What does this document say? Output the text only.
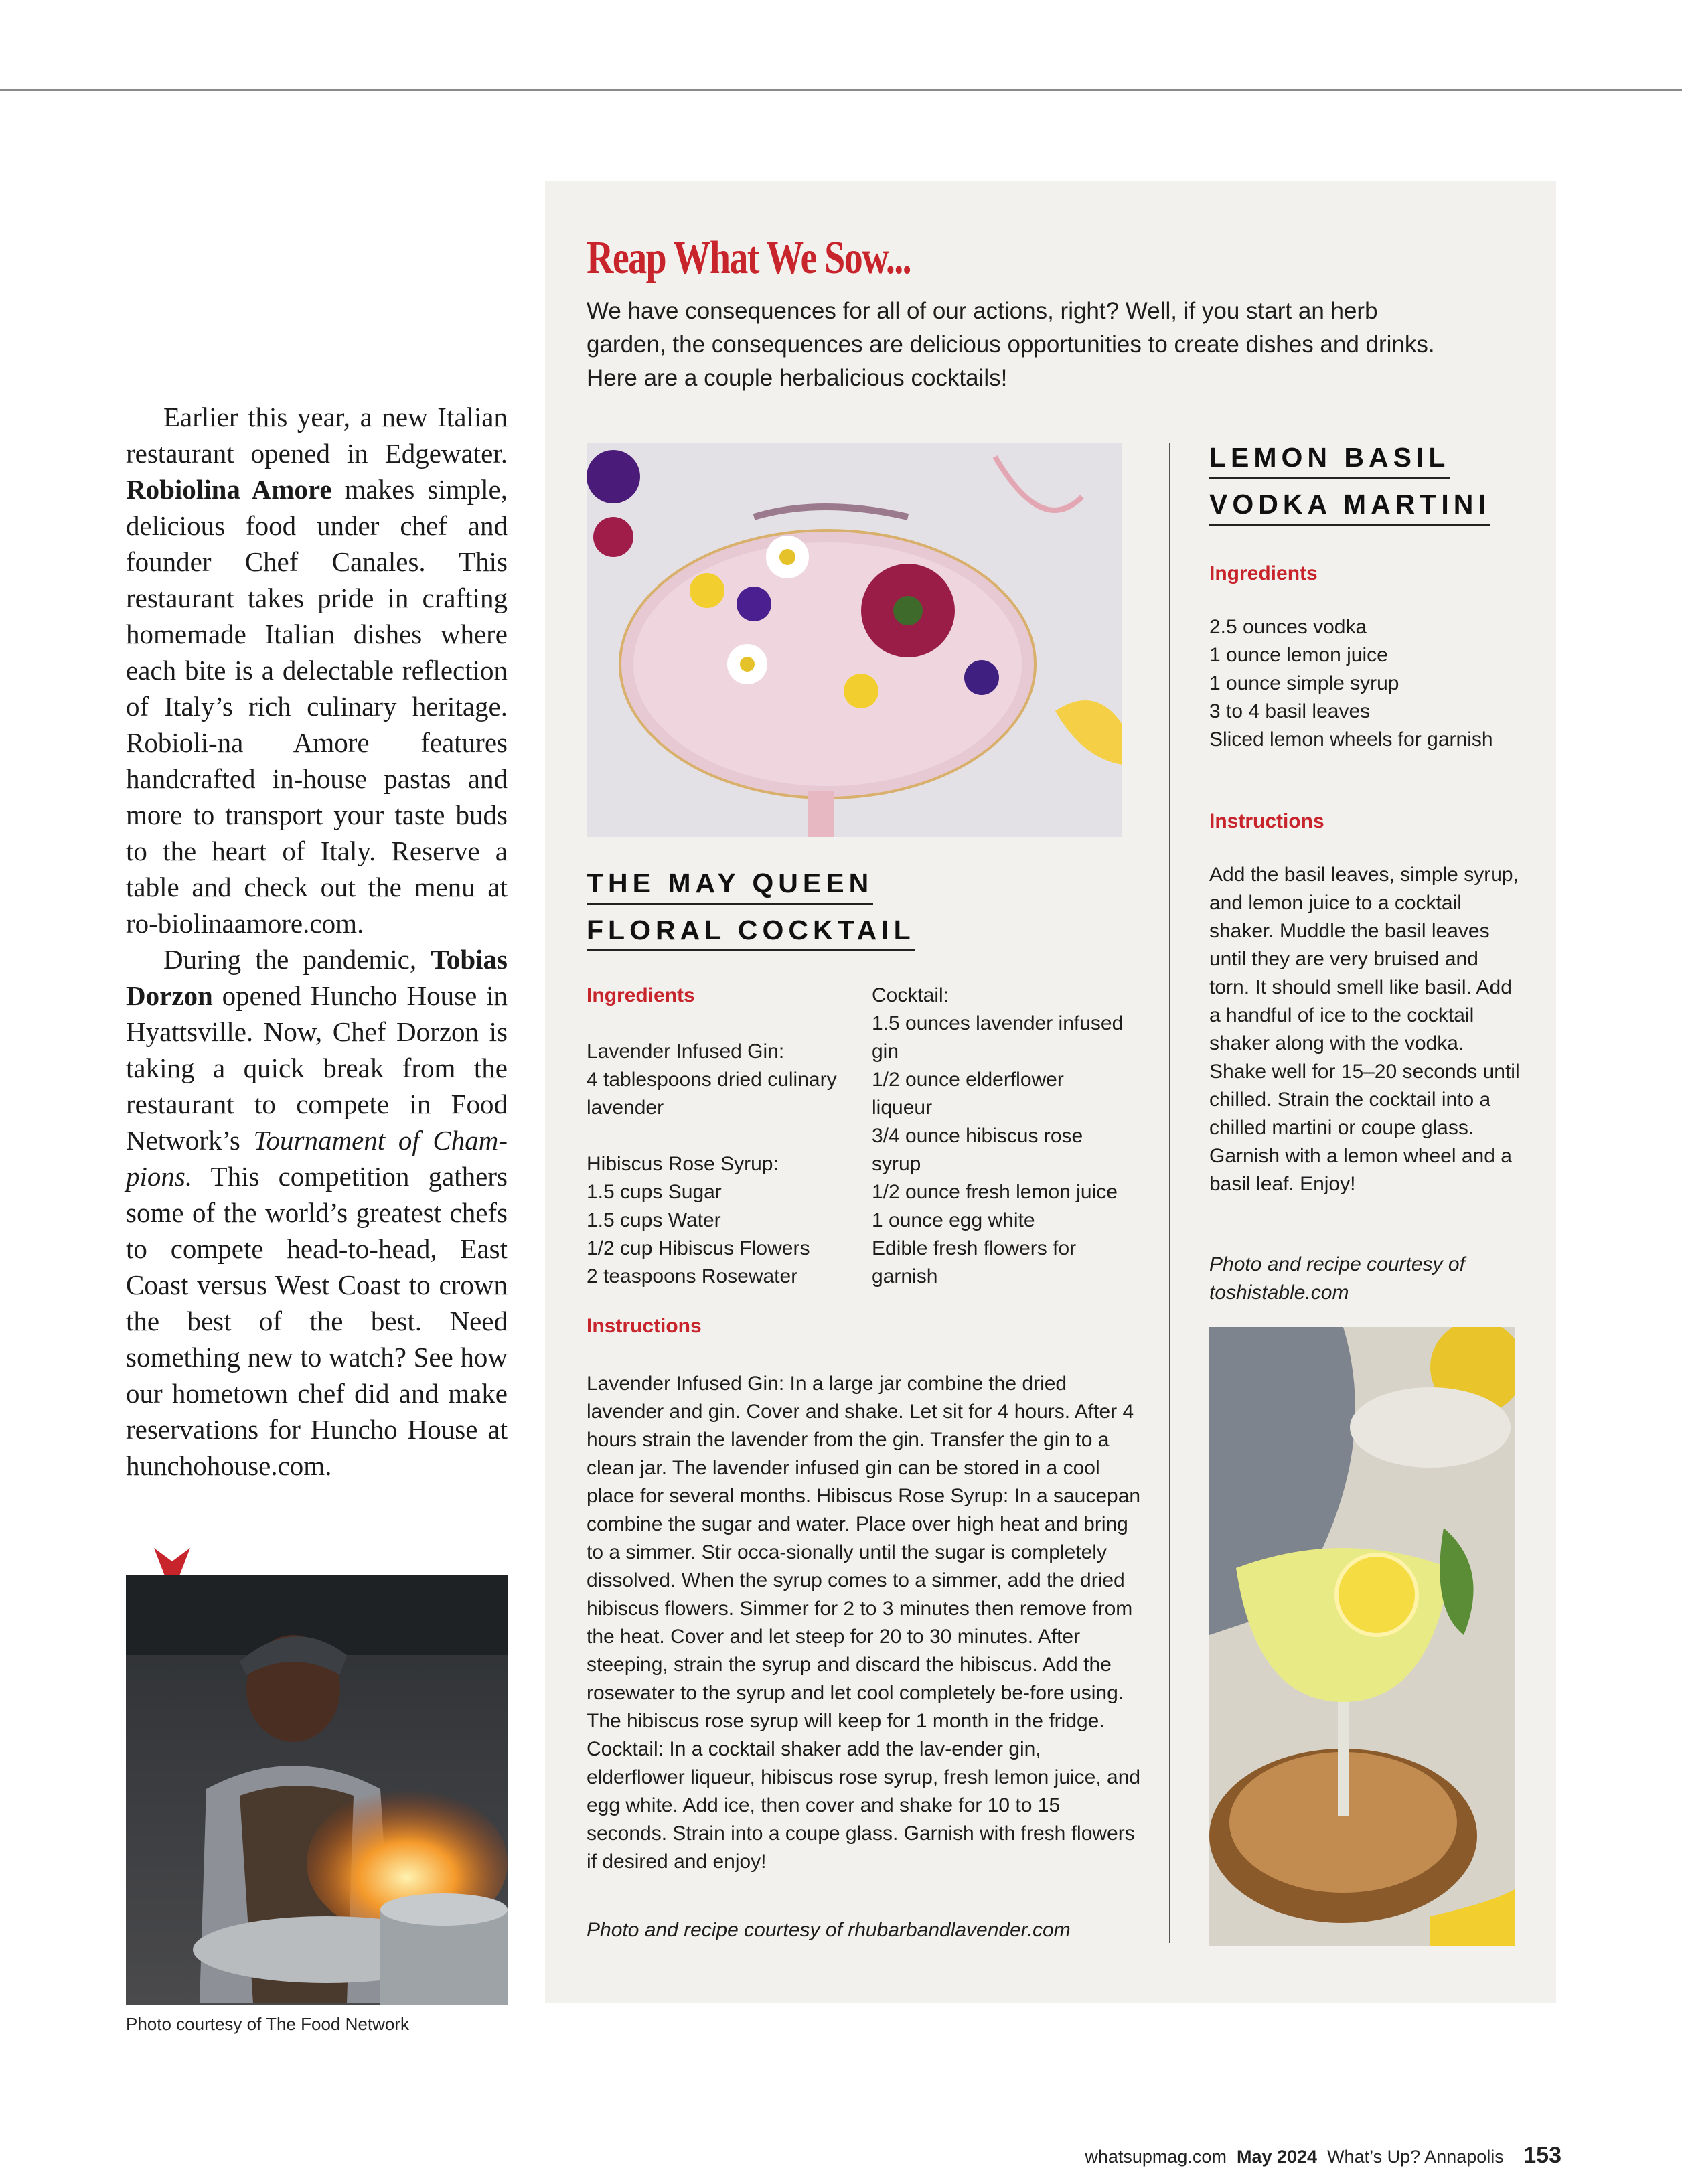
Earlier this year, a new Italian restaurant opened in Edgewater. Robiolina Amore makes simple, delicious food under chef and founder Chef Canales. This restaurant takes pride in crafting homemade Italian dishes where each bite is a delectable reflection of Italy’s rich culinary heritage. Robioli-na Amore features handcrafted in-house pastas and more to transport your taste buds to the heart of Italy. Reserve a table and check out the menu at ro-biolinaamore.com.

During the pandemic, Tobias Dorzon opened Huncho House in Hyattsville. Now, Chef Dorzon is taking a quick break from the restaurant to compete in Food Network’s Tournament of Cham-pions. This competition gathers some of the world’s greatest chefs to compete head-to-head, East Coast versus West Coast to crown the best of the best. Need something new to watch? See how our hometown chef did and make reservations for Huncho House at hunchohouse.com.

Photo courtesy of The Food Network
Reap What We Sow...
We have consequences for all of our actions, right? Well, if you start an herb garden, the consequences are delicious opportunities to create dishes and drinks. Here are a couple herbalicious cocktails!
THE MAY QUEEN
FLORAL COCKTAIL
Ingredients
Lavender Infused Gin:
4 tablespoons dried culinary lavender
Hibiscus Rose Syrup:
1.5 cups Sugar
1.5 cups Water
1/2 cup Hibiscus Flowers
2 teaspoons Rosewater
Cocktail:
1.5 ounces lavender infused gin
1/2 ounce elderflower liqueur
3/4 ounce hibiscus rose syrup
1/2 ounce fresh lemon juice
1 ounce egg white
Edible fresh flowers for garnish
Instructions
Lavender Infused Gin: In a large jar combine the dried lavender and gin. Cover and shake. Let sit for 4 hours. After 4 hours strain the lavender from the gin. Transfer the gin to a clean jar. The lavender infused gin can be stored in a cool place for several months. Hibiscus Rose Syrup: In a saucepan combine the sugar and water. Place over high heat and bring to a simmer. Stir occa-sionally until the sugar is completely dissolved. When the syrup comes to a simmer, add the dried hibiscus flowers. Simmer for 2 to 3 minutes then remove from the heat. Cover and let steep for 20 to 30 minutes. After steeping, strain the syrup and discard the hibiscus. Add the rosewater to the syrup and let cool completely be-fore using. The hibiscus rose syrup will keep for 1 month in the fridge. Cocktail: In a cocktail shaker add the lav-ender gin, elderflower liqueur, hibiscus rose syrup, fresh lemon juice, and egg white. Add ice, then cover and shake for 10 to 15 seconds. Strain into a coupe glass. Garnish with fresh flowers if desired and enjoy!
Photo and recipe courtesy of rhubarbandlavender.com
LEMON BASIL
VODKA MARTINI
Ingredients
2.5 ounces vodka
1 ounce lemon juice
1 ounce simple syrup
3 to 4 basil leaves
Sliced lemon wheels for garnish
Instructions
Add the basil leaves, simple syrup, and lemon juice to a cocktail shaker. Muddle the basil leaves until they are very bruised and torn. It should smell like basil. Add a handful of ice to the cocktail shaker along with the vodka. Shake well for 15–20 seconds until chilled. Strain the cocktail into a chilled martini or coupe glass. Garnish with a lemon wheel and a basil leaf. Enjoy!
Photo and recipe courtesy of toshistable.com
whatsupmag.com May 2024 What’s Up? Annapolis 153
